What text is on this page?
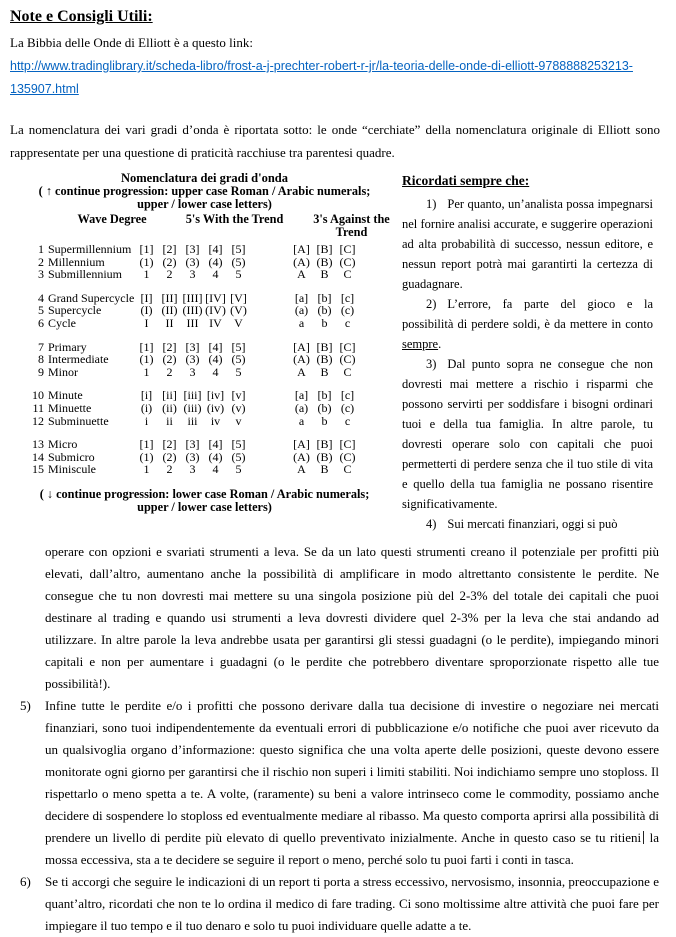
Note e Consigli Utili:

La Bibbia delle Onde di Elliott è a questo link:

http://www.tradinglibrary.it/scheda-libro/frost-a-j-prechter-robert-r-jr/la-teoria-delle-onde-di-elliott-9788888253213-135907.html

La nomenclatura dei vari gradi d’onda è riportata sotto: le onde “cerchiate” della nomenclatura originale di Elliott sono rappresentate per una questione di praticità racchiuse tra parentesi quadre.

Nomenclatura dei gradi d'onda
( ↑ continue progression: upper case Roman / Arabic numerals;
upper / lower case letters)
Wave Degree	5's With the Trend	3's Against the
Trend
1 Supermillennium [1] [2] [3] [4] [5]	[A] [B] [C]
2 Millennium	(1) (2) (3) (4) (5)	(A) (B) (C)
3 Submillennium	1	2	3	4	5	A	B	C
4 Grand Supercycle [I] [II] [III] [IV] [V]	[a] [b] [c]
5 Supercycle	(I) (II) (III) (IV) (V)	(a) (b) (c)
6 Cycle	I	II	III IV	V	a	b	c
7 Primary	[1] [2] [3] [4] [5]	[A] [B] [C]
8 Intermediate	(1) (2) (3) (4) (5)	(A) (B) (C)
9 Minor	1	2	3	4	5	A	B	C
10 Minute	[i] [ii] [iii] [iv] [v]	[a] [b] [c]
11 Minuette	(i) (ii) (iii) (iv) (v)	(a) (b) (c)
12 Subminuette	i	ii	iii	iv	v	a	b	c
13 Micro	[1] [2] [3] [4] [5]	[A] [B] [C]
14 Submicro	(1) (2) (3) (4) (5)	(A) (B) (C)
15 Miniscule	1	2	3	4	5	A	B	C
( ↓ continue progression: lower case Roman / Arabic numerals;
upper / lower case letters)
Ricordati sempre che:

1) Per quanto, un’analista possa impegnarsi nel fornire analisi accurate, e suggerire operazioni ad alta probabilità di successo, nessun editore, e nessun report potrà mai garantirti la certezza di guadagnare.

2) L’errore, fa parte del gioco e la possibilità di perdere soldi, è da mettere in conto sempre.

3) Dal punto sopra ne consegue che non dovresti mai mettere a rischio i risparmi che possono servirti per soddisfare i bisogni ordinari tuoi e della tua famiglia. In altre parole, tu dovresti operare solo con capitali che puoi permetterti di perdere senza che il tuo stile di vita e quello della tua famiglia ne possano risentire significativamente.

4) Sui mercati finanziari, oggi si può

operare con opzioni e svariati strumenti a leva. Se da un lato questi strumenti creano il potenziale per profitti più elevati, dall’altro, aumentano anche la possibilità di amplificare in modo altrettanto consistente le perdite. Ne consegue che tu non dovresti mai mettere su una singola posizione più del 2-3% del totale dei capitali che puoi destinare al trading e quando usi strumenti a leva dovresti dividere quel 2-3% per la leva che stai andando ad utilizzare. In altre parole la leva andrebbe usata per garantirsi gli stessi guadagni (o le perdite), impiegando minori capitali e non per aumentare i guadagni (o le perdite che potrebbero diventare sproporzionate rispetto alle tue possibilità!).

5) Infine tutte le perdite e/o i profitti che possono derivare dalla tua decisione di investire o negoziare nei mercati finanziari, sono tuoi indipendentemente da eventuali errori di pubblicazione e/o notifiche che puoi aver ricevuto da un qualsivoglia organo d’informazione: questo significa che una volta aperte delle posizioni, queste devono essere monitorate ogni giorno per garantirsi che il rischio non superi i limiti stabiliti. Noi indichiamo sempre uno stoploss. Il rispettarlo o meno spetta a te. A volte, (raramente) su beni a valore intrinseco come le commodity, possiamo anche decidere di sospendere lo stoploss ed eventualmente mediare al ribasso. Ma questo comporta aprirsi alla possibilità di prendere un livello di perdite più elevato di quello preventivato inizialmente. Anche in questo caso se tu ritieni la mossa eccessiva, sta a te decidere se seguire il report o meno, perché solo tu puoi farti i conti in tasca.

6) Se ti accorgi che seguire le indicazioni di un report ti porta a stress eccessivo, nervosismo, insonnia, preoccupazione e quant’altro, ricordati che non te lo ordina il medico di fare trading. Ci sono moltissime altre attività che puoi fare per impiegare il tuo tempo e il tuo denaro e solo tu puoi individuare quelle adatte a te.
